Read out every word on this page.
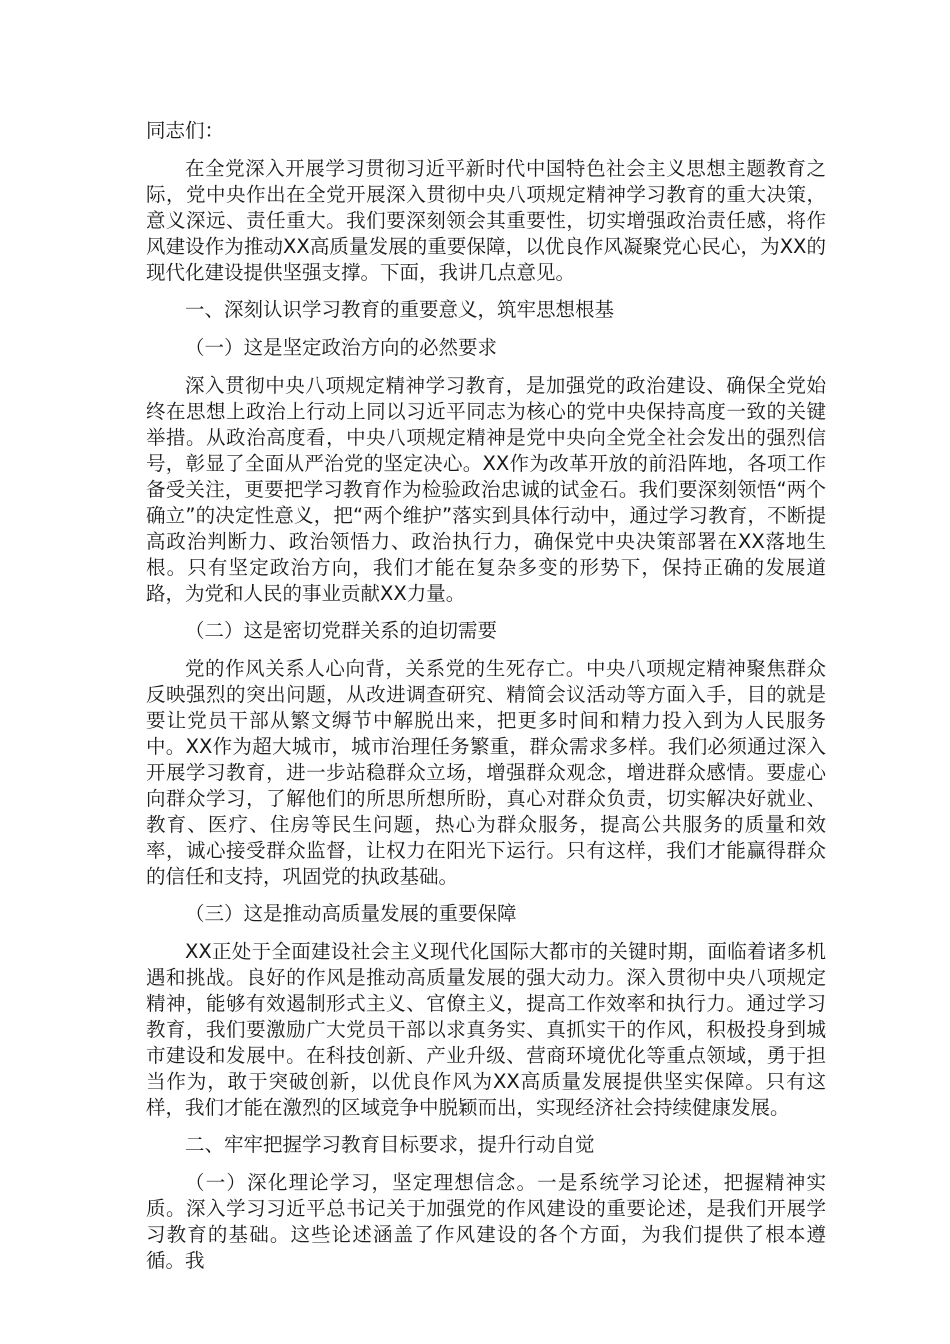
同志们：

在全党深入开展学习贯彻习近平新时代中国特色社会主义思想主题教育之际，党中央作出在全党开展深入贯彻中央八项规定精神学习教育的重大决策，意义深远、责任重大。我们要深刻领会其重要性，切实增强政治责任感，将作风建设作为推动XX高质量发展的重要保障，以优良作风凝聚党心民心，为XX的现代化建设提供坚强支撑。下面，我讲几点意见。

一、深刻认识学习教育的重要意义，筑牢思想根基

（一）这是坚定政治方向的必然要求

深入贯彻中央八项规定精神学习教育，是加强党的政治建设、确保全党始终在思想上政治上行动上同以习近平同志为核心的党中央保持高度一致的关键举措。从政治高度看，中央八项规定精神是党中央向全党全社会发出的强烈信号，彰显了全面从严治党的坚定决心。XX作为改革开放的前沿阵地，各项工作备受关注，更要把学习教育作为检验政治忠诚的试金石。我们要深刻领悟“两个确立”的决定性意义，把“两个维护”落实到具体行动中，通过学习教育，不断提高政治判断力、政治领悟力、政治执行力，确保党中央决策部署在XX落地生根。只有坚定政治方向，我们才能在复杂多变的形势下，保持正确的发展道路，为党和人民的事业贡献XX力量。

（二）这是密切党群关系的迫切需要

党的作风关系人心向背，关系党的生死存亡。中央八项规定精神聚焦群众反映强烈的突出问题，从改进调查研究、精简会议活动等方面入手，目的就是要让党员干部从繁文缛节中解脱出来，把更多时间和精力投入到为人民服务中。XX作为超大城市，城市治理任务繁重，群众需求多样。我们必须通过深入开展学习教育，进一步站稳群众立场，增强群众观念，增进群众感情。要虚心向群众学习，了解他们的所思所想所盼，真心对群众负责，切实解决好就业、教育、医疗、住房等民生问题，热心为群众服务，提高公共服务的质量和效率，诚心接受群众监督，让权力在阳光下运行。只有这样，我们才能赢得群众的信任和支持，巩固党的执政基础。

（三）这是推动高质量发展的重要保障

XX正处于全面建设社会主义现代化国际大都市的关键时期，面临着诸多机遇和挑战。良好的作风是推动高质量发展的强大动力。深入贯彻中央八项规定精神，能够有效遏制形式主义、官僚主义，提高工作效率和执行力。通过学习教育，我们要激励广大党员干部以求真务实、真抓实干的作风，积极投身到城市建设和发展中。在科技创新、产业升级、营商环境优化等重点领域，勇于担当作为，敢于突破创新，以优良作风为XX高质量发展提供坚实保障。只有这样，我们才能在激烈的区域竞争中脱颖而出，实现经济社会持续健康发展。

二、牢牢把握学习教育目标要求，提升行动自觉

（一）深化理论学习，坚定理想信念。一是系统学习论述，把握精神实质。深入学习习近平总书记关于加强党的作风建设的重要论述，是我们开展学习教育的基础。这些论述涵盖了作风建设的各个方面，为我们提供了根本遵循。我
